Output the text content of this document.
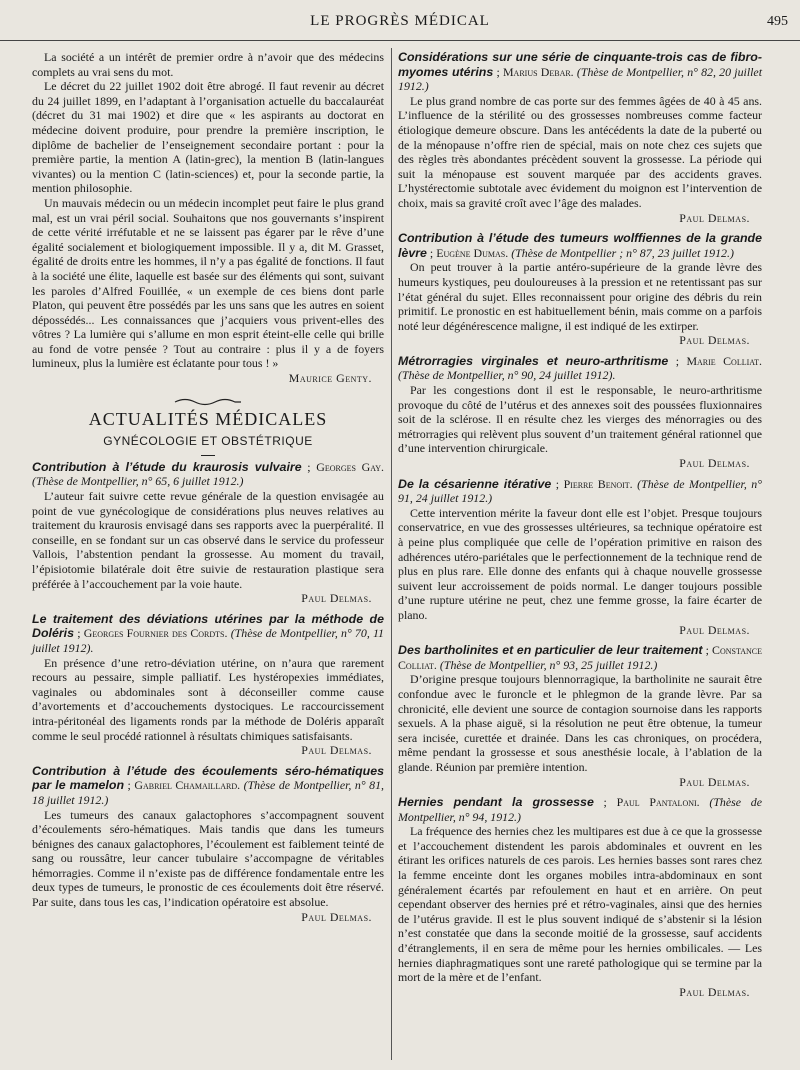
LE PROGRÈS MÉDICAL	495

La société a un intérêt de premier ordre à n’avoir que des médecins complets au vrai sens du mot.

Le décret du 22 juillet 1902 doit être abrogé. Il faut revenir au décret du 24 juillet 1899, en l’adaptant à l’organisation actuelle du baccalauréat (décret du 31 mai 1902) et dire que « les aspirants au doctorat en médecine doivent produire, pour prendre la première inscription, le diplôme de bachelier de l’enseignement secondaire portant : pour la première partie, la mention A (latin-grec), la mention B (latin-langues vivantes) ou la mention C (latin-sciences) et, pour la seconde partie, la mention philosophie.

Un mauvais médecin ou un médecin incomplet peut faire le plus grand mal, est un vrai péril social. Souhaitons que nos gouvernants s’inspirent de cette vérité irréfutable et ne se laissent pas égarer par le rêve d’une égalité socialement et biologiquement impossible. Il y a, dit M. Grasset, égalité de droits entre les hommes, il n’y a pas égalité de fonctions. Il faut à la société une élite, laquelle est basée sur des éléments qui sont, suivant les paroles d’Alfred Fouillée, « un exemple de ces biens dont parle Platon, qui peuvent être possédés par les uns sans que les autres en soient dépossédés... Les connaissances que j’acquiers vous privent-elles des vôtres ? La lumière qui s’allume en mon esprit éteint-elle celle qui brille au fond de votre pensée ? Tout au contraire : plus il y a de foyers lumineux, plus la lumière est éclatante pour tous ! »

Maurice Genty.
ACTUALITÉS MÉDICALES
GYNÉCOLOGIE ET OBSTÉTRIQUE

Contribution à l’étude du kraurosis vulvaire ; Georges Gay. (Thèse de Montpellier, n° 65, 6 juillet 1912.)

L’auteur fait suivre cette revue générale de la question envisagée au point de vue gynécologique de considérations plus neuves relatives au traitement du kraurosis envisagé dans ses rapports avec la puerpéralité. Il conseille, en se fondant sur un cas observé dans le service du professeur Vallois, l’abstention pendant la grossesse. Au moment du travail, l’épisiotomie bilatérale doit être suivie de restauration plastique sera préférée à l’accouchement par la voie haute.

Paul Delmas.

Le traitement des déviations utérines par la méthode de Doléris ; Georges Fournier des Cordts. (Thèse de Montpellier, n° 70, 11 juillet 1912).

En présence d’une retro-déviation utérine, on n’aura que rarement recours au pessaire, simple palliatif. Les hystéropexies immédiates, vaginales ou abdominales sont à déconseiller comme cause d’avortements et d’accouchements dystociques. Le raccourcissement intra-péritonéal des ligaments ronds par la méthode de Doléris apparaît comme le seul procédé rationnel à résultats chimiques satisfaisants.

Paul Delmas.

Contribution à l’étude des écoulements séro-hématiques par le mamelon ; Gabriel Chamaillard. (Thèse de Montpellier, n° 81, 18 juillet 1912.)

Les tumeurs des canaux galactophores s’accompagnent souvent d’écoulements séro-hématiques. Mais tandis que dans les tumeurs bénignes des canaux galactophores, l’écoulement est faiblement teinté de sang ou roussâtre, leur cancer tubulaire s’accompagne de véritables hémorragies. Comme il n’existe pas de différence fondamentale entre les deux types de tumeurs, le pronostic de ces écoulements doit être réservé. Par suite, dans tous les cas, l’indication opératoire est absolue.

Paul Delmas.

Considérations sur une série de cinquante-trois cas de fibro-myomes utérins ; Marius Debar. (Thèse de Montpellier, n° 82, 20 juillet 1912.)

Le plus grand nombre de cas porte sur des femmes âgées de 40 à 45 ans. L’influence de la stérilité ou des grossesses nombreuses comme facteur étiologique demeure obscure. Dans les antécédents la date de la puberté ou de la ménopause n’offre rien de spécial, mais on note chez ces sujets que des règles très abondantes précèdent souvent la grossesse. La période qui suit la ménopause est souvent marquée par des accidents graves. L’hystérectomie subtotale avec évidement du moignon est l’intervention de choix, mais sa gravité croît avec l’âge des malades.

Paul Delmas.

Contribution à l’étude des tumeurs wolffiennes de la grande lèvre ; Eugène Dumas. (Thèse de Montpellier ; n° 87, 23 juillet 1912.)

On peut trouver à la partie antéro-supérieure de la grande lèvre des humeurs kystiques, peu douloureuses à la pression et ne retentissant pas sur l’état général du sujet. Elles reconnaissent pour origine des débris du rein primitif. Le pronostic en est habituellement bénin, mais comme on a parfois noté leur dégénérescence maligne, il est indiqué de les extirper.

Paul Delmas.

Métrorragies virginales et neuro-arthritisme ; Marie Colliat. (Thèse de Montpellier, n° 90, 24 juillet 1912).

Par les congestions dont il est le responsable, le neuro-arthritisme provoque du côté de l’utérus et des annexes soit des poussées fluxionnaires soit de la sclérose. Il en résulte chez les vierges des ménorragies ou des métrorragies qui relèvent plus souvent d’un traitement général rationnel que d’une intervention chirurgicale.

Paul Delmas.

De la césarienne itérative ; Pierre Benoit. (Thèse de Montpellier, n° 91, 24 juillet 1912.)

Cette intervention mérite la faveur dont elle est l’objet. Presque toujours conservatrice, en vue des grossesses ultérieures, sa technique opératoire est à peine plus compliquée que celle de l’opération primitive en raison des adhérences utéro-pariétales que le perfectionnement de la technique rend de plus en plus rare. Elle donne des enfants qui à chaque nouvelle grossesse suivent leur accroissement de poids normal. Le danger toujours possible d’une rupture utérine ne peut, chez une femme grosse, la faire écarter de plano.

Paul Delmas.

Des bartholinites et en particulier de leur traitement ; Constance Colliat. (Thèse de Montpellier, n° 93, 25 juillet 1912.)

D’origine presque toujours blennorragique, la bartholinite ne saurait être confondue avec le furoncle et le phlegmon de la grande lèvre. Par sa chronicité, elle devient une source de contagion sournoise dans les rapports sexuels. A la phase aiguë, si la résolution ne peut être obtenue, la tumeur sera incisée, curettée et drainée. Dans les cas chroniques, on procédera, même pendant la grossesse et sous anesthésie locale, à l’ablation de la glande. Réunion par première intention.

Paul Delmas.

Hernies pendant la grossesse ; Paul Pantaloni. (Thèse de Montpellier, n° 94, 1912.)

La fréquence des hernies chez les multipares est due à ce que la grossesse et l’accouchement distendent les parois abdominales et ouvrent en les étirant les orifices naturels de ces parois. Les hernies basses sont rares chez la femme enceinte dont les organes mobiles intra-abdominaux en sont généralement écartés par refoulement en haut et en arrière. On peut cependant observer des hernies pré et rétro-vaginales, ainsi que des hernies de l’utérus gravide. Il est le plus souvent indiqué de s’abstenir si la lésion n’est constatée que dans la seconde moitié de la grossesse, sauf accidents d’étranglements, il en sera de même pour les hernies ombilicales. — Les hernies diaphragmatiques sont une rareté pathologique qui se termine par la mort de la mère et de l’enfant.

Paul Delmas.
